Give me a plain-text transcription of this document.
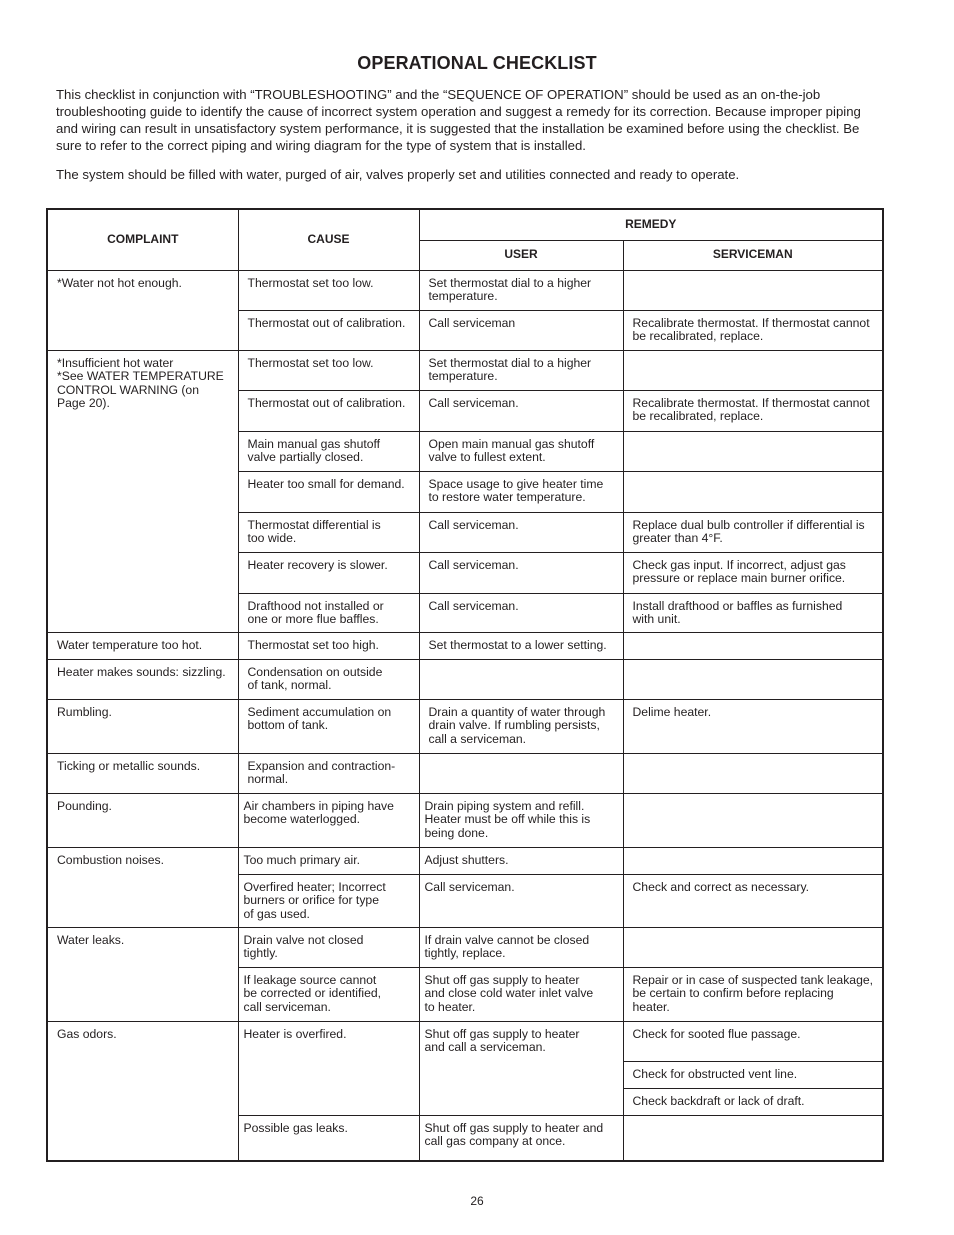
OPERATIONAL CHECKLIST

This checklist in conjunction with “TROUBLESHOOTING” and the “SEQUENCE OF OPERATION” should be used as an on-the-job troubleshooting guide to identify the cause of incorrect system operation and suggest a remedy for its correction. Because improper piping and wiring can result in unsatisfactory system performance, it is suggested that the installation be examined before using the checklist. Be sure to refer to the correct piping and wiring diagram for the type of system that is installed.

The system should be filled with water, purged of air, valves properly set and utilities connected and ready to operate.

COMPLAINT	CAUSE	REMEDY	
		USER	SERVICEMAN
*Water not hot enough.	Thermostat set too low.	Set thermostat dial to a higher
temperature.	
	Thermostat out of calibration.	Call serviceman	Recalibrate thermostat. If thermostat cannot
be recalibrated, replace.
*Insufficient hot water
*See WATER TEMPERATURE
CONTROL WARNING (on
Page 20).	Thermostat set too low.	Set thermostat dial to a higher
temperature.	
	Thermostat out of calibration.	Call serviceman.	Recalibrate thermostat. If thermostat cannot
be recalibrated, replace.
	Main manual gas shutoff
valve partially closed.	Open main manual gas shutoff
valve to fullest extent.	
	Heater too small for demand.	Space usage to give heater time
to restore water temperature.	
	Thermostat differential is
too wide.	Call serviceman.	Replace dual bulb controller if differential is
greater than 4°F.
	Heater recovery is slower.	Call serviceman.	Check gas input. If incorrect, adjust gas
pressure or replace main burner orifice.
	Drafthood not installed or
one or more flue baffles.	Call serviceman.	Install drafthood or baffles as furnished
with unit.
Water temperature too hot.	Thermostat set too high.	Set thermostat to a lower setting.	
Heater makes sounds: sizzling.	Condensation on outside
of tank, normal.		
Rumbling.	Sediment accumulation on
bottom of tank.	Drain a quantity of water through
drain valve. If rumbling persists,
call a serviceman.	Delime heater.
Ticking or metallic sounds.	Expansion and contraction-
normal.		
Pounding.	Air chambers in piping have
become waterlogged.	Drain piping system and refill.
Heater must be off while this is
being done.	
Combustion noises.	Too much primary air.	Adjust shutters.	
	Overfired heater; Incorrect
burners or orifice for type
of gas used.	Call serviceman.	Check and correct as necessary.
Water leaks.	Drain valve not closed
tightly.	If drain valve cannot be closed
tightly, replace.	
	If leakage source cannot
be corrected or identified,
call serviceman.	Shut off gas supply to heater
and close cold water inlet valve
to heater.	Repair or in case of suspected tank leakage,
be certain to confirm before replacing heater.
Gas odors.	Heater is overfired.	Shut off gas supply to heater
and call a serviceman.	Check for sooted flue passage.
			Check for obstructed vent line.
			Check backdraft or lack of draft.
	Possible gas leaks.	Shut off gas supply to heater and
call gas company at once.	
26
